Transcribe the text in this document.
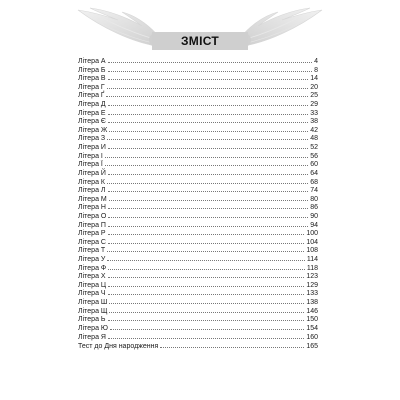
ЗМІСТ
Літера А	4
Літера Б	8
Літера В	14
Літера Г	20
Літера Ґ	25
Літера Д	29
Літера Е	33
Літера Є	38
Літера Ж	42
Літера З	48
Літера И	52
Літера І	56
Літера Ї	60
Літера Й	64
Літера К	68
Літера Л	74
Літера М	80
Літера Н	86
Літера О	90
Літера П	94
Літера Р	100
Літера С	104
Літера Т	108
Літера У	114
Літера Ф	118
Літера Х	123
Літера Ц	129
Літера Ч	133
Літера Ш	138
Літера Щ	146
Літера Ь	150
Літера Ю	154
Літера Я	160
Тест до Дня народження	165
